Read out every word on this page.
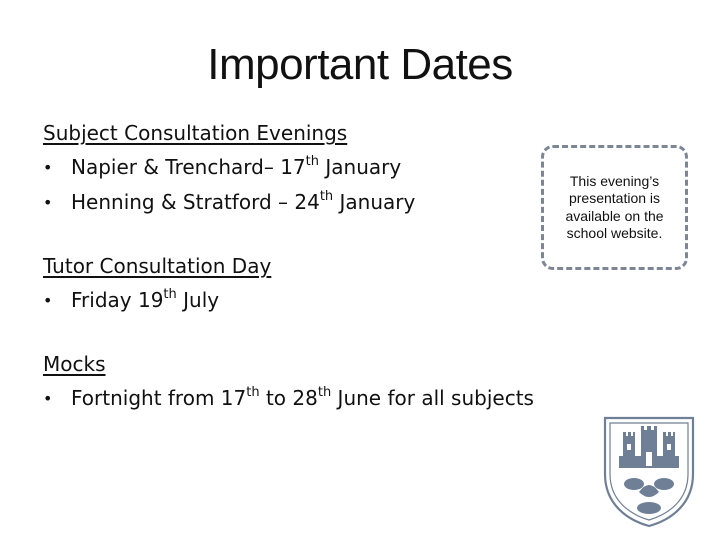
Important Dates
Subject Consultation Evenings
• Napier & Trenchard– 17th January
• Henning & Stratford – 24th January
Tutor Consultation Day
• Friday 19th July
Mocks
• Fortnight from 17th to 28th June for all subjects
This evening’s presentation is available on the school website.
